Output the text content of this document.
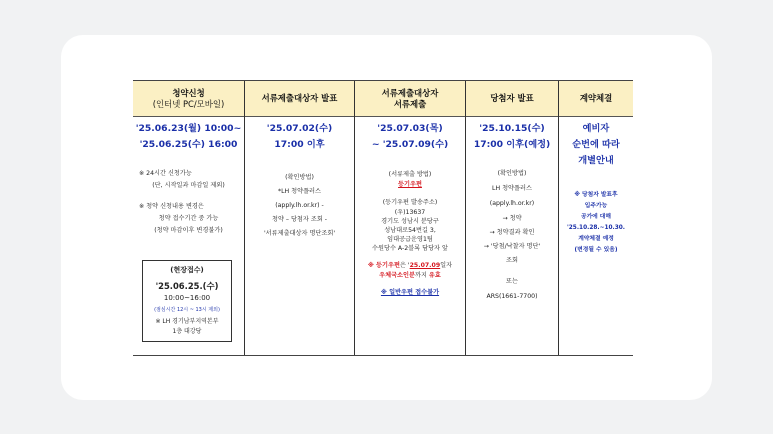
청약신청
(인터넷 PC/모바일)
'25.06.23(월) 10:00~
'25.06.25(수) 16:00
※ 24시간 신청가능
(단, 시작일과 마감일 제외)
※ 청약 신청내용 변경은
청약 접수기간 중 가능
(청약 마감이후 변경불가)
(현장접수)
'25.06.25.(수)
10:00~16:00
(점심시간 12시 ~ 13시 제외)
※ LH 경기남부지역본부
1층 대강당
서류제출대상자 발표
'25.07.02(수)
17:00 이후
(확인방법)
*LH 청약플러스
(apply.lh.or.kr) -
청약 – 당첨자 조회 -
'서류제출대상자 명단조회'
서류제출대상자
서류제출
'25.07.03(목)
~ '25.07.09(수)
(서류제출 방법)
등기우편
(등기우편 발송주소)
(우)13637
경기도 성남시 분당구
성남대로54번길 3,
임대공급운영1팀
수원당수 A-2블록 담당자 앞
※ 등기우편은 '25.07.09일자
우체국소인분까지 유효
※ 일반우편 접수불가
당첨자 발표
'25.10.15(수)
17:00 이후(예정)
(확인방법)
LH 청약플러스
(apply.lh.or.kr)
→ 청약
→ 청약결과 확인
→ '당첨/낙찰자 명단'
조회
또는
ARS(1661-7700)
계약체결
예비자
순번에 따라
개별안내
※ 당첨자 발표후
입주가능
공가에 대해
'25.10.28.~10.30.
계약체결 예정
(변경될 수 있음)
